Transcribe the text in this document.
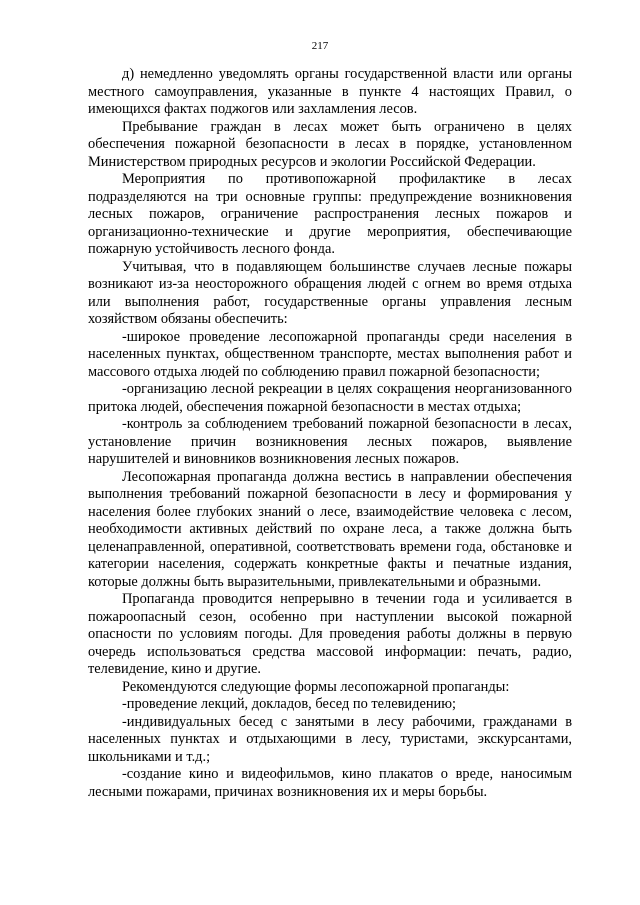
217

д) немедленно уведомлять органы государственной власти или органы местного самоуправления, указанные в пункте 4 настоящих Правил, о имеющихся фактах поджогов или захламления лесов.

Пребывание граждан в лесах может быть ограничено в целях обеспечения пожарной безопасности в лесах в порядке, установленном Министерством природных ресурсов и экологии Российской Федерации.

Мероприятия по противопожарной профилактике в лесах подразделяются на три основные группы: предупреждение возникновения лесных пожаров, ограничение распространения лесных пожаров и организационно-технические и другие мероприятия, обеспечивающие пожарную устойчивость лесного фонда.

Учитывая, что в подавляющем большинстве случаев лесные пожары возникают из-за неосторожного обращения людей с огнем во время отдыха или выполнения работ, государственные органы управления лесным хозяйством обязаны обеспечить:

-широкое проведение лесопожарной пропаганды среди населения в населенных пунктах, общественном транспорте, местах выполнения работ и массового отдыха людей по соблюдению правил пожарной безопасности;

-организацию лесной рекреации в целях сокращения неорганизованного притока людей, обеспечения пожарной безопасности в местах отдыха;

-контроль за соблюдением требований пожарной безопасности в лесах, установление причин возникновения лесных пожаров, выявление нарушителей и виновников возникновения лесных пожаров.

Лесопожарная пропаганда должна вестись в направлении обеспечения выполнения требований пожарной безопасности в лесу и формирования у населения более глубоких знаний о лесе, взаимодействие человека с лесом, необходимости активных действий по охране леса, а также должна быть целенаправленной, оперативной, соответствовать времени года, обстановке и категории населения, содержать конкретные факты и печатные издания, которые должны быть выразительными, привлекательными и образными.

Пропаганда проводится непрерывно в течении года и усиливается в пожароопасный сезон, особенно при наступлении высокой пожарной опасности по условиям погоды. Для проведения работы должны в первую очередь использоваться средства массовой информации: печать, радио, телевидение, кино и другие.

Рекомендуются следующие формы лесопожарной пропаганды:

-проведение лекций, докладов, бесед по телевидению;

-индивидуальных бесед с занятыми в лесу рабочими, гражданами в населенных пунктах и отдыхающими в лесу, туристами, экскурсантами, школьниками и т.д.;

-создание кино и видеофильмов, кино плакатов о вреде, наносимым лесными пожарами, причинах возникновения их и меры борьбы.
